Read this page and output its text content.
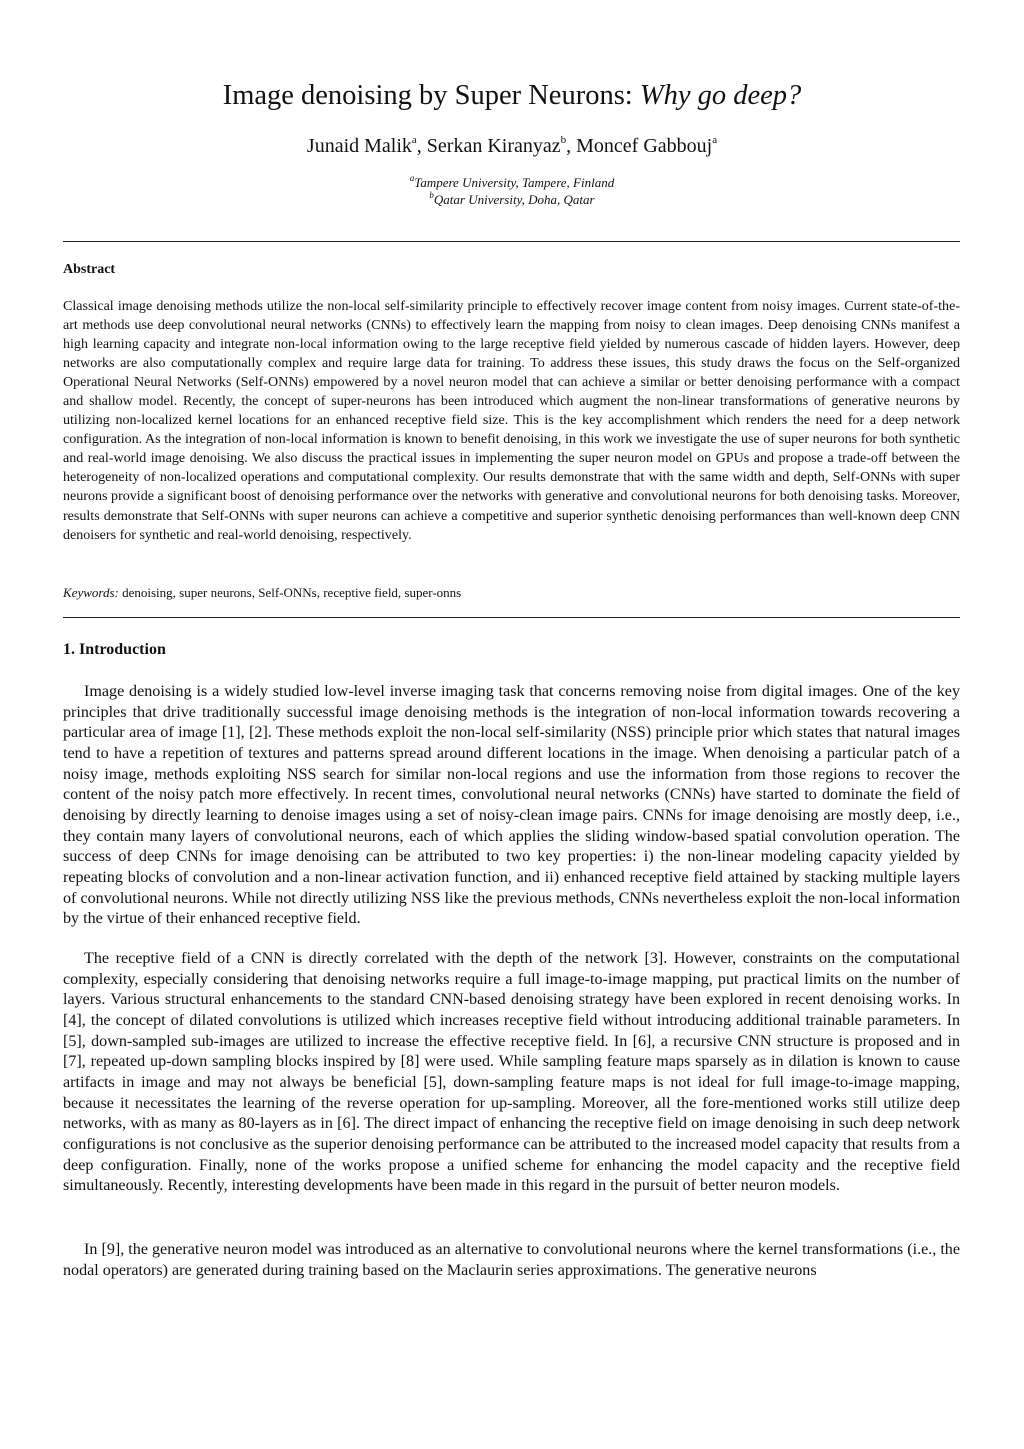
Image denoising by Super Neurons: Why go deep?
Junaid Malik$^a$, Serkan Kiranyaz$^b$, Moncef Gabbouj$^a$
$^a$Tampere University, Tampere, Finland
$^b$Qatar University, Doha, Qatar
Abstract
Classical image denoising methods utilize the non-local self-similarity principle to effectively recover image content from noisy images. Current state-of-the-art methods use deep convolutional neural networks (CNNs) to effectively learn the mapping from noisy to clean images. Deep denoising CNNs manifest a high learning capacity and integrate non-local information owing to the large receptive field yielded by numerous cascade of hidden layers. However, deep networks are also computationally complex and require large data for training. To address these issues, this study draws the focus on the Self-organized Operational Neural Networks (Self-ONNs) empowered by a novel neuron model that can achieve a similar or better denoising performance with a compact and shallow model. Recently, the concept of super-neurons has been introduced which augment the non-linear transformations of generative neurons by utilizing non-localized kernel locations for an enhanced receptive field size. This is the key accomplishment which renders the need for a deep network configuration. As the integration of non-local information is known to benefit denoising, in this work we investigate the use of super neurons for both synthetic and real-world image denoising. We also discuss the practical issues in implementing the super neuron model on GPUs and propose a trade-off between the heterogeneity of non-localized operations and computational complexity. Our results demonstrate that with the same width and depth, Self-ONNs with super neurons provide a significant boost of denoising performance over the networks with generative and convolutional neurons for both denoising tasks. Moreover, results demonstrate that Self-ONNs with super neurons can achieve a competitive and superior synthetic denoising performances than well-known deep CNN denoisers for synthetic and real-world denoising, respectively.
Keywords: denoising, super neurons, Self-ONNs, receptive field, super-onns
1. Introduction

Image denoising is a widely studied low-level inverse imaging task that concerns removing noise from digital images. One of the key principles that drive traditionally successful image denoising methods is the integration of non-local information towards recovering a particular area of image [1], [2]. These methods exploit the non-local self-similarity (NSS) principle prior which states that natural images tend to have a repetition of textures and patterns spread around different locations in the image. When denoising a particular patch of a noisy image, methods exploiting NSS search for similar non-local regions and use the information from those regions to recover the content of the noisy patch more effectively. In recent times, convolutional neural networks (CNNs) have started to dominate the field of denoising by directly learning to denoise images using a set of noisy-clean image pairs. CNNs for image denoising are mostly deep, i.e., they contain many layers of convolutional neurons, each of which applies the sliding window-based spatial convolution operation. The success of deep CNNs for image denoising can be attributed to two key properties: i) the non-linear modeling capacity yielded by repeating blocks of convolution and a non-linear activation function, and ii) enhanced receptive field attained by stacking multiple layers of convolutional neurons. While not directly utilizing NSS like the previous methods, CNNs nevertheless exploit the non-local information by the virtue of their enhanced receptive field.

The receptive field of a CNN is directly correlated with the depth of the network [3]. However, constraints on the computational complexity, especially considering that denoising networks require a full image-to-image mapping, put practical limits on the number of layers. Various structural enhancements to the standard CNN-based denoising strategy have been explored in recent denoising works. In [4], the concept of dilated convolutions is utilized which increases receptive field without introducing additional trainable parameters. In [5], down-sampled sub-images are utilized to increase the effective receptive field. In [6], a recursive CNN structure is proposed and in [7], repeated up-down sampling blocks inspired by [8] were used. While sampling feature maps sparsely as in dilation is known to cause artifacts in image and may not always be beneficial [5], down-sampling feature maps is not ideal for full image-to-image mapping, because it necessitates the learning of the reverse operation for up-sampling. Moreover, all the fore-mentioned works still utilize deep networks, with as many as 80-layers as in [6]. The direct impact of enhancing the receptive field on image denoising in such deep network configurations is not conclusive as the superior denoising performance can be attributed to the increased model capacity that results from a deep configuration. Finally, none of the works propose a unified scheme for enhancing the model capacity and the receptive field simultaneously. Recently, interesting developments have been made in this regard in the pursuit of better neuron models.

In [9], the generative neuron model was introduced as an alternative to convolutional neurons where the kernel transformations (i.e., the nodal operators) are generated during training based on the Maclaurin series approximations. The generative neurons
